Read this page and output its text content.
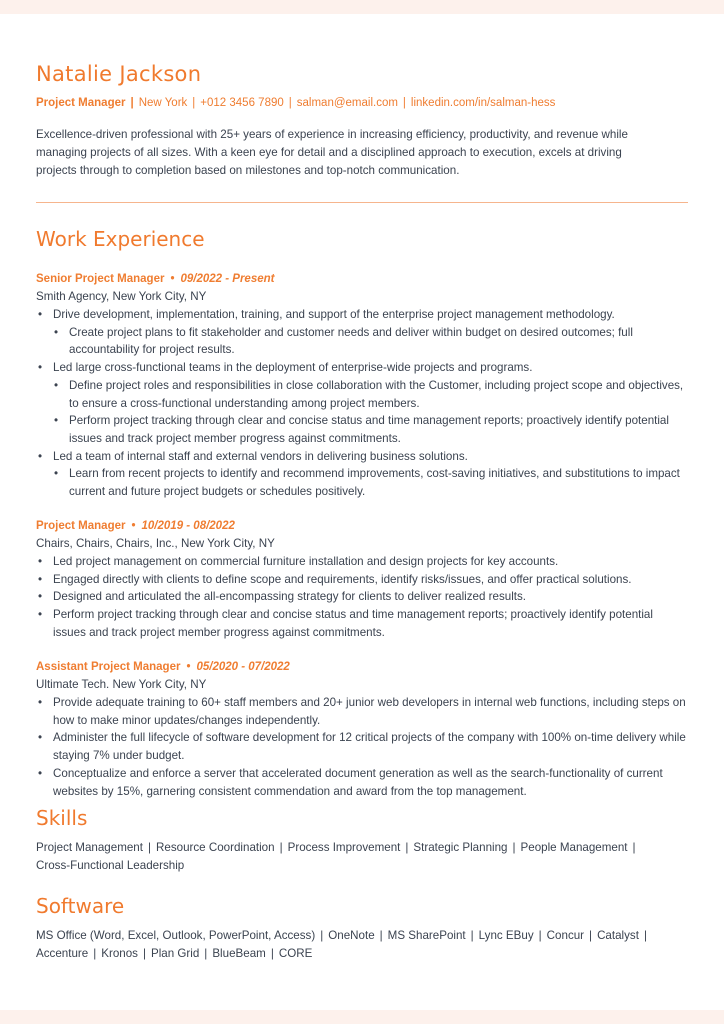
Natalie Jackson
Project Manager | New York | +012 3456 7890 | salman@email.com | linkedin.com/in/salman-hess
Excellence-driven professional with 25+ years of experience in increasing efficiency, productivity, and revenue while managing projects of all sizes. With a keen eye for detail and a disciplined approach to execution, excels at driving projects through to completion based on milestones and top-notch communication.
Work Experience
Senior Project Manager • 09/2022 - Present
Smith Agency, New York City, NY
• Drive development, implementation, training, and support of the enterprise project management methodology.
• Create project plans to fit stakeholder and customer needs and deliver within budget on desired outcomes; full accountability for project results.
• Led large cross-functional teams in the deployment of enterprise-wide projects and programs.
• Define project roles and responsibilities in close collaboration with the Customer, including project scope and objectives, to ensure a cross-functional understanding among project members.
• Perform project tracking through clear and concise status and time management reports; proactively identify potential issues and track project member progress against commitments.
• Led a team of internal staff and external vendors in delivering business solutions.
• Learn from recent projects to identify and recommend improvements, cost-saving initiatives, and substitutions to impact current and future project budgets or schedules positively.
Project Manager • 10/2019 - 08/2022
Chairs, Chairs, Chairs, Inc., New York City, NY
• Led project management on commercial furniture installation and design projects for key accounts.
• Engaged directly with clients to define scope and requirements, identify risks/issues, and offer practical solutions.
• Designed and articulated the all-encompassing strategy for clients to deliver realized results.
• Perform project tracking through clear and concise status and time management reports; proactively identify potential issues and track project member progress against commitments.
Assistant Project Manager • 05/2020 - 07/2022
Ultimate Tech. New York City, NY
• Provide adequate training to 60+ staff members and 20+ junior web developers in internal web functions, including steps on how to make minor updates/changes independently.
• Administer the full lifecycle of software development for 12 critical projects of the company with 100% on-time delivery while staying 7% under budget.
• Conceptualize and enforce a server that accelerated document generation as well as the search-functionality of current websites by 15%, garnering consistent commendation and award from the top management.
Skills
Project Management | Resource Coordination | Process Improvement | Strategic Planning | People Management |
Cross-Functional Leadership
Software
MS Office (Word, Excel, Outlook, PowerPoint, Access) | OneNote | MS SharePoint | Lync EBuy | Concur | Catalyst |
Accenture | Kronos | Plan Grid | BlueBeam | CORE
